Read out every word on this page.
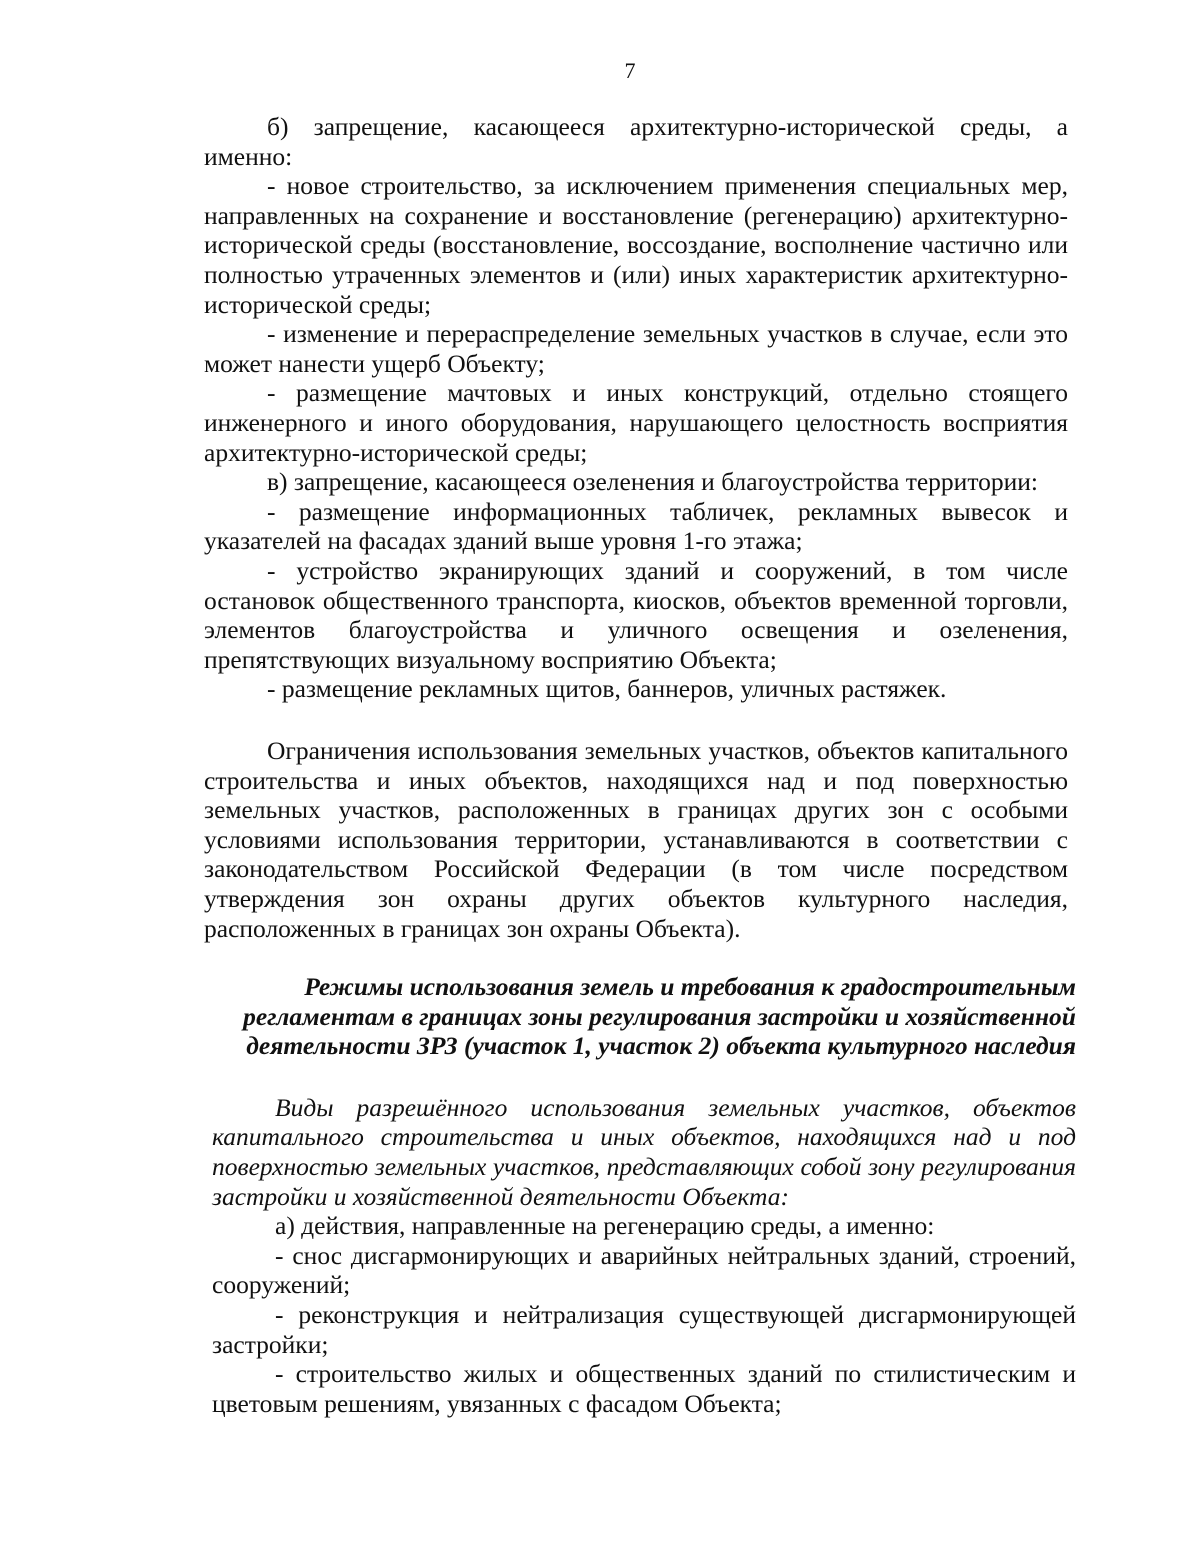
7

б) запрещение, касающееся архитектурно-исторической среды, а именно:

- новое строительство, за исключением применения специальных мер, направленных на сохранение и восстановление (регенерацию) архитектурно-исторической среды (восстановление, воссоздание, восполнение частично или полностью утраченных элементов и (или) иных характеристик архитектурно-исторической среды;

- изменение и перераспределение земельных участков в случае, если это может нанести ущерб Объекту;

- размещение мачтовых и иных конструкций, отдельно стоящего инженерного и иного оборудования, нарушающего целостность восприятия архитектурно-исторической среды;

в) запрещение, касающееся озеленения и благоустройства территории:

- размещение информационных табличек, рекламных вывесок и указателей на фасадах зданий выше уровня 1-го этажа;

- устройство экранирующих зданий и сооружений, в том числе остановок общественного транспорта, киосков, объектов временной торговли, элементов благоустройства и уличного освещения и озеленения, препятствующих визуальному восприятию Объекта;

- размещение рекламных щитов, баннеров, уличных растяжек.

Ограничения использования земельных участков, объектов капитального строительства и иных объектов, находящихся над и под поверхностью земельных участков, расположенных в границах других зон с особыми условиями использования территории, устанавливаются в соответствии с законодательством Российской Федерации (в том числе посредством утверждения зон охраны других объектов культурного наследия, расположенных в границах зон охраны Объекта).

Режимы использования земель и требования к градостроительным регламентам в границах зоны регулирования застройки и хозяйственной деятельности ЗРЗ (участок 1, участок 2) объекта культурного наследия

Виды разрешённого использования земельных участков, объектов капитального строительства и иных объектов, находящихся над и под поверхностью земельных участков, представляющих собой зону регулирования застройки и хозяйственной деятельности Объекта:

а) действия, направленные на регенерацию среды, а именно:

- снос дисгармонирующих и аварийных нейтральных зданий, строений, сооружений;

- реконструкция и нейтрализация существующей дисгармонирующей застройки;

- строительство жилых и общественных зданий по стилистическим и цветовым решениям, увязанных с фасадом Объекта;
